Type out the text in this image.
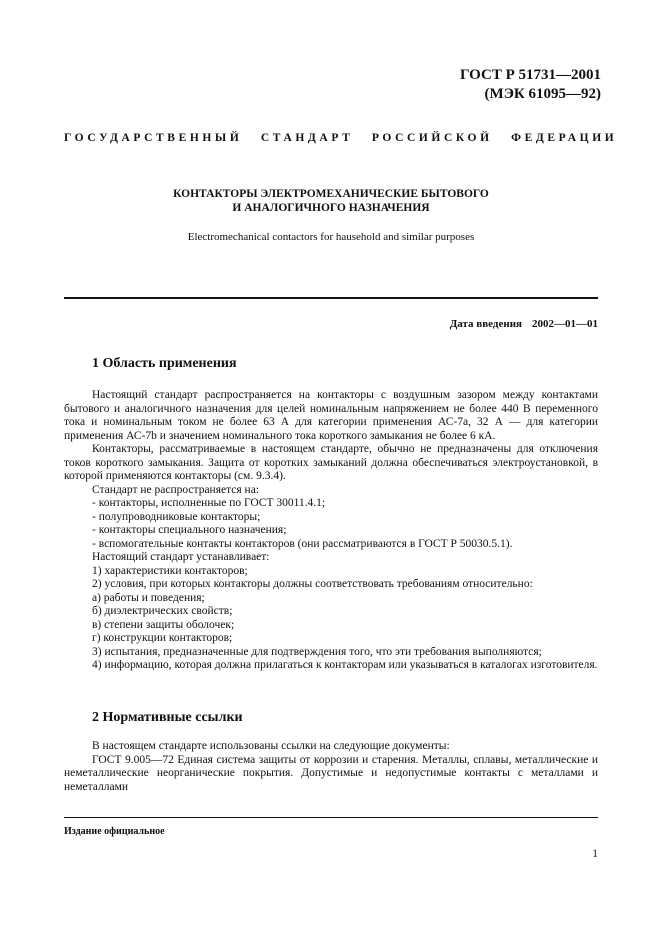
ГОСТ Р 51731—2001
(МЭК 61095—92)
ГОСУДАРСТВЕННЫЙ СТАНДАРТ РОССИЙСКОЙ ФЕДЕРАЦИИ
КОНТАКТОРЫ ЭЛЕКТРОМЕХАНИЧЕСКИЕ БЫТОВОГО
И АНАЛОГИЧНОГО НАЗНАЧЕНИЯ
Electromechanical contactors for hausehold and similar purposes
Дата введения 2002—01—01
1 Область применения

Настоящий стандарт распространяется на контакторы с воздушным зазором между контактами бытового и аналогичного назначения для целей номинальным напряжением не более 440 В переменного тока и номинальным током не более 63 А для категории применения АС-7а, 32 А — для категории применения АС-7b и значением номинального тока короткого замыкания не более 6 кА.

Контакторы, рассматриваемые в настоящем стандарте, обычно не предназначены для отключения токов короткого замыкания. Защита от коротких замыканий должна обеспечиваться электроустановкой, в которой применяются контакторы (см. 9.3.4).

Стандарт не распространяется на:

- контакторы, исполненные по ГОСТ 30011.4.1;

- полупроводниковые контакторы;

- контакторы специального назначения;

- вспомогательные контакты контакторов (они рассматриваются в ГОСТ Р 50030.5.1).

Настоящий стандарт устанавливает:

1) характеристики контакторов;

2) условия, при которых контакторы должны соответствовать требованиям относительно:

а) работы и поведения;

б) диэлектрических свойств;

в) степени защиты оболочек;

г) конструкции контакторов;

3) испытания, предназначенные для подтверждения того, что эти требования выполняются;

4) информацию, которая должна прилагаться к контакторам или указываться в каталогах изготовителя.

2 Нормативные ссылки

В настоящем стандарте использованы ссылки на следующие документы:

ГОСТ 9.005—72 Единая система защиты от коррозии и старения. Металлы, сплавы, металлические и неметаллические неорганические покрытия. Допустимые и недопустимые контакты с металлами и неметаллами

Издание официальное
1
